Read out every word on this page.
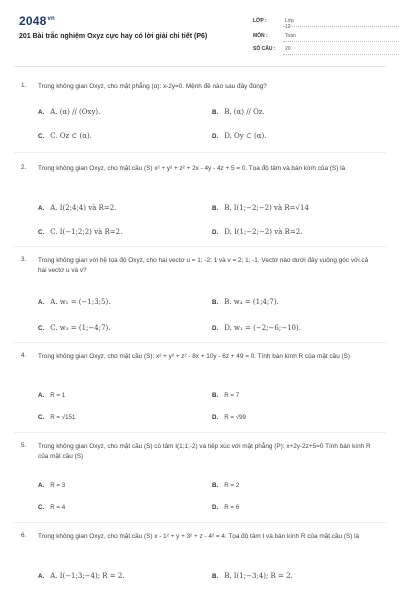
$2048^{vn}$
201 Bài trắc nghiệm Oxyz cực hay có lời giải chi tiết (P6)
LỚP :	Lớp 12
MÔN :	Toán
SỐ CÂU :	20
1. Trong không gian Oxyz, cho mặt phẳng (α): x-2y=0. Mệnh đề nào sau đây đúng?
A. A. (α) // (Oxy).	B. B. (α) // Oz.
C. C. Oz ⊂ (α).	D. D. Oy ⊂ (α).
2. Trong không gian Oxyz, cho mặt cầu (S) x² + y² + z² + 2x - 4y - 4z + 5 = 0. Tọa độ tâm và bán kính của (S) là
A. A. I(2;4;4) và R=2.	B. B. I(1;−2;−2) và R=√14
C. C. I(−1;2;2) và R=2.	D. D. I(1;−2;−2) và R=2.
3. Trong không gian với hệ tọa độ Oxyz, cho hai vectơ u = 1; -2; 1 và v = 2; 1; -1. Vectơ nào dưới đây vuông góc với cả hai vectơ u và v?
A. A. w₂ = (−1;3;5).	B. B. w₄ = (1;4;7).
C. C. w₃ = (1;−4;7).	D. D. w₁ = (−2;−6;−10).
4. Trong không gian Oxyz, cho mặt cầu (S): x² + y² + z² - 8x + 10y - 6z + 49 = 0. Tính bán kính R của mặt cầu (S)
A. R = 1	B. R = 7
C. R = √151	D. R = √99
5. Trong không gian Oxyz, cho mặt cầu (S) có tâm I(1;1;-2) và tiếp xúc với mặt phẳng (P): x+2y-2z+5=0 Tính bán kính R của mặt cầu (S)
A. R = 3	B. R = 2
C. R = 4	D. R = 6
6. Trong không gian Oxyz, cho mặt cầu (S) x - 1² + y + 3² + z - 4² = 4. Tọa độ tâm I và bán kính R của mặt cầu (S) là
A. A. I(−1;3;−4); R = 2.	B. B. I(1;−3;4); R = 2.
